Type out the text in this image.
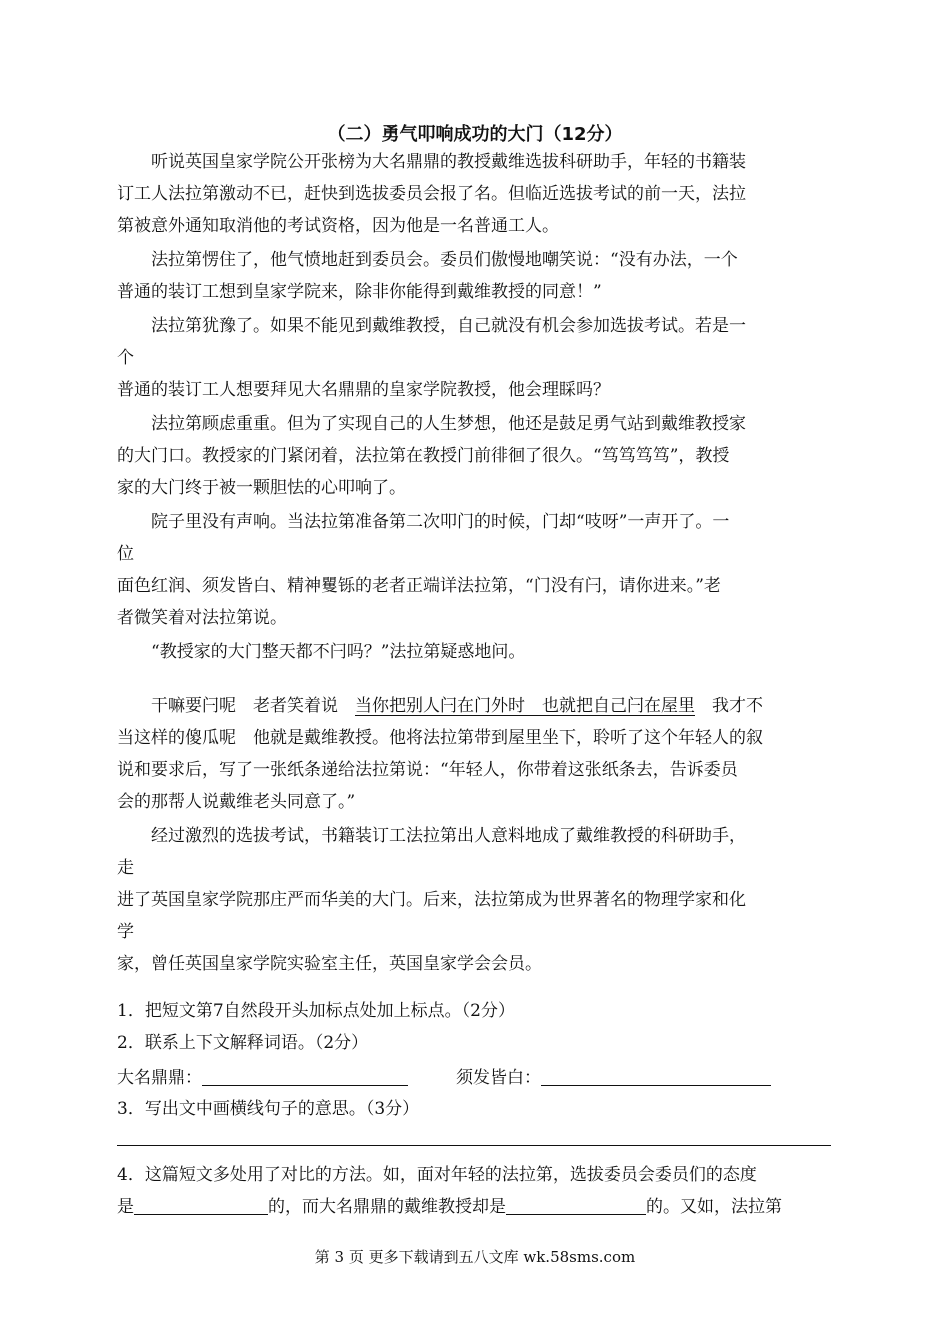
（二）勇气叩响成功的大门（12分）
　　听说英国皇家学院公开张榜为大名鼎鼎的教授戴维选拔科研助手，年轻的书籍装
订工人法拉第激动不已，赶快到选拔委员会报了名。但临近选拔考试的前一天，法拉
第被意外通知取消他的考试资格，因为他是一名普通工人。
　　法拉第愣住了，他气愤地赶到委员会。委员们傲慢地嘲笑说：“没有办法，一个
普通的装订工想到皇家学院来，除非你能得到戴维教授的同意！”
　　法拉第犹豫了。如果不能见到戴维教授，自己就没有机会参加选拔考试。若是一
个
普通的装订工人想要拜见大名鼎鼎的皇家学院教授，他会理睬吗？
　　法拉第顾虑重重。但为了实现自己的人生梦想，他还是鼓足勇气站到戴维教授家
的大门口。教授家的门紧闭着，法拉第在教授门前徘徊了很久。“笃笃笃笃”，教授
家的大门终于被一颗胆怯的心叩响了。
　　院子里没有声响。当法拉第准备第二次叩门的时候，门却“吱呀”一声开了。一
位
面色红润、须发皆白、精神矍铄的老者正端详法拉第，“门没有闩，请你进来。”老
者微笑着对法拉第说。
　　“教授家的大门整天都不闩吗？”法拉第疑惑地问。
　　干嘛要闩呢　老者笑着说　当你把别人闩在门外时　也就把自己闩在屋里　我才不
当这样的傻瓜呢　他就是戴维教授。他将法拉第带到屋里坐下，聆听了这个年轻人的叙
说和要求后，写了一张纸条递给法拉第说：“年轻人，你带着这张纸条去，告诉委员
会的那帮人说戴维老头同意了。”
　　经过激烈的选拔考试，书籍装订工法拉第出人意料地成了戴维教授的科研助手，
走
进了英国皇家学院那庄严而华美的大门。后来，法拉第成为世界著名的物理学家和化
学
家，曾任英国皇家学院实验室主任，英国皇家学会会员。
1．把短文第7自然段开头加标点处加上标点。（2分）
2．联系上下文解释词语。（2分）
大名鼎鼎：	须发皆白：
3．写出文中画横线句子的意思。（3分）
4．这篇短文多处用了对比的方法。如，面对年轻的法拉第，选拔委员会委员们的态度
是	的，而大名鼎鼎的戴维教授却是	的。又如，法拉第
第 3 页 更多下载请到五八文库 wk.58sms.com
